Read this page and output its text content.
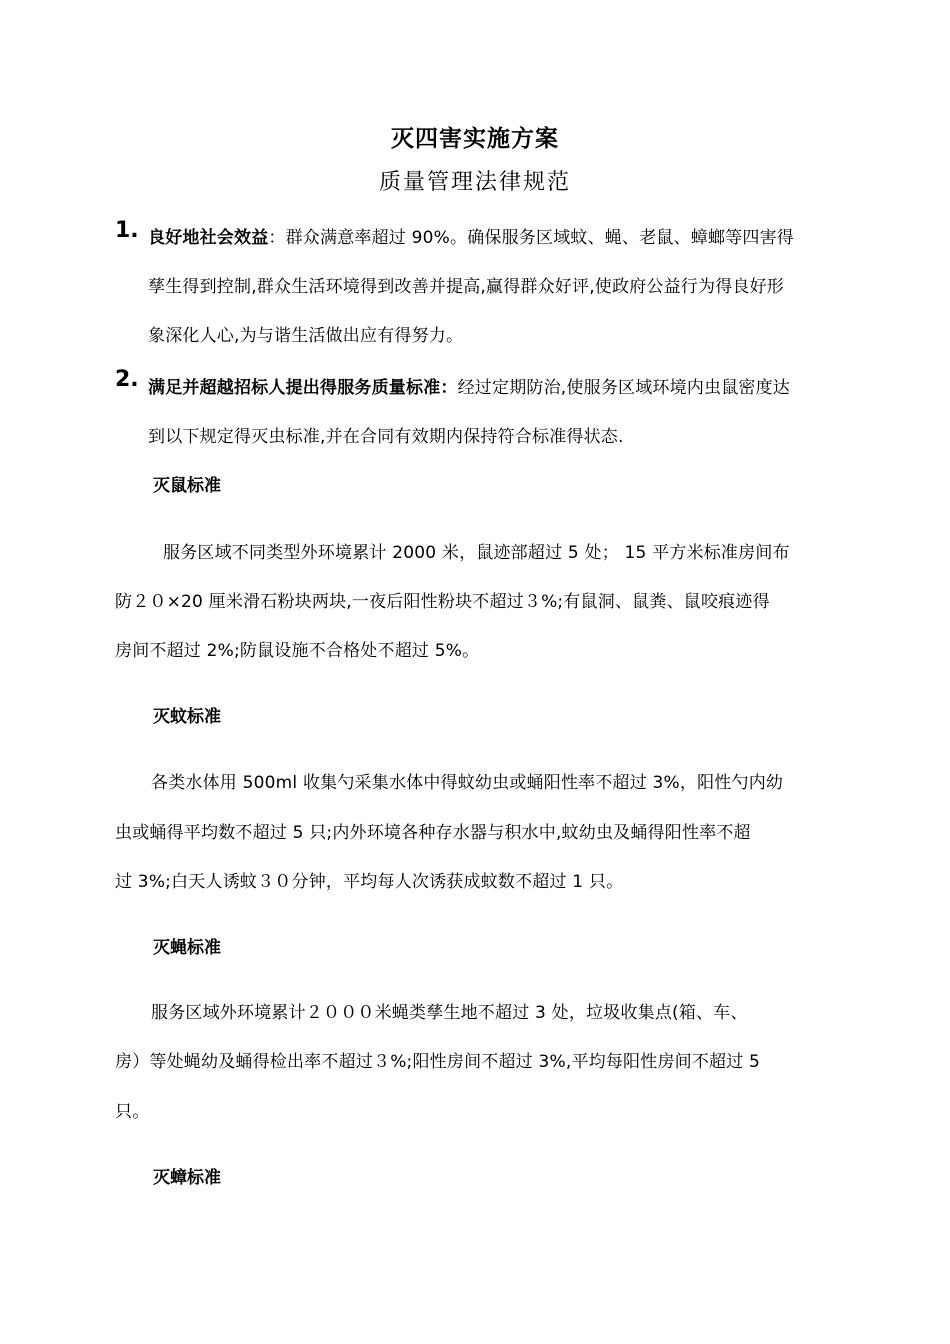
灭四害实施方案
质量管理法律规范
1. 良好地社会效益：群众满意率超过 90%。确保服务区域蚊、蝇、老鼠、蟑螂等四害得
孳生得到控制,群众生活环境得到改善并提高,赢得群众好评,使政府公益行为得良好形
象深化人心,为与谐生活做出应有得努力。
2. 满足并超越招标人提出得服务质量标准：经过定期防治,使服务区域环境内虫鼠密度达
到以下规定得灭虫标准,并在合同有效期内保持符合标准得状态.
灭鼠标准
服务区域不同类型外环境累计 2000 米，鼠迹部超过 5 处； 15 平方米标准房间布
防２０×20 厘米滑石粉块两块,一夜后阳性粉块不超过３%;有鼠洞、鼠粪、鼠咬痕迹得
房间不超过 2%;防鼠设施不合格处不超过 5%。
灭蚊标准
各类水体用 500ml 收集勺采集水体中得蚊幼虫或蛹阳性率不超过 3%，阳性勺内幼
虫或蛹得平均数不超过 5 只;内外环境各种存水器与积水中,蚊幼虫及蛹得阳性率不超
过 3%;白天人诱蚊３０分钟，平均每人次诱获成蚊数不超过 1 只。
灭蝇标准
服务区域外环境累计２０００米蝇类孳生地不超过 3 处，垃圾收集点(箱、车、
房）等处蝇幼及蛹得检出率不超过３%;阳性房间不超过 3%,平均每阳性房间不超过 5
只。
灭蟑标准
